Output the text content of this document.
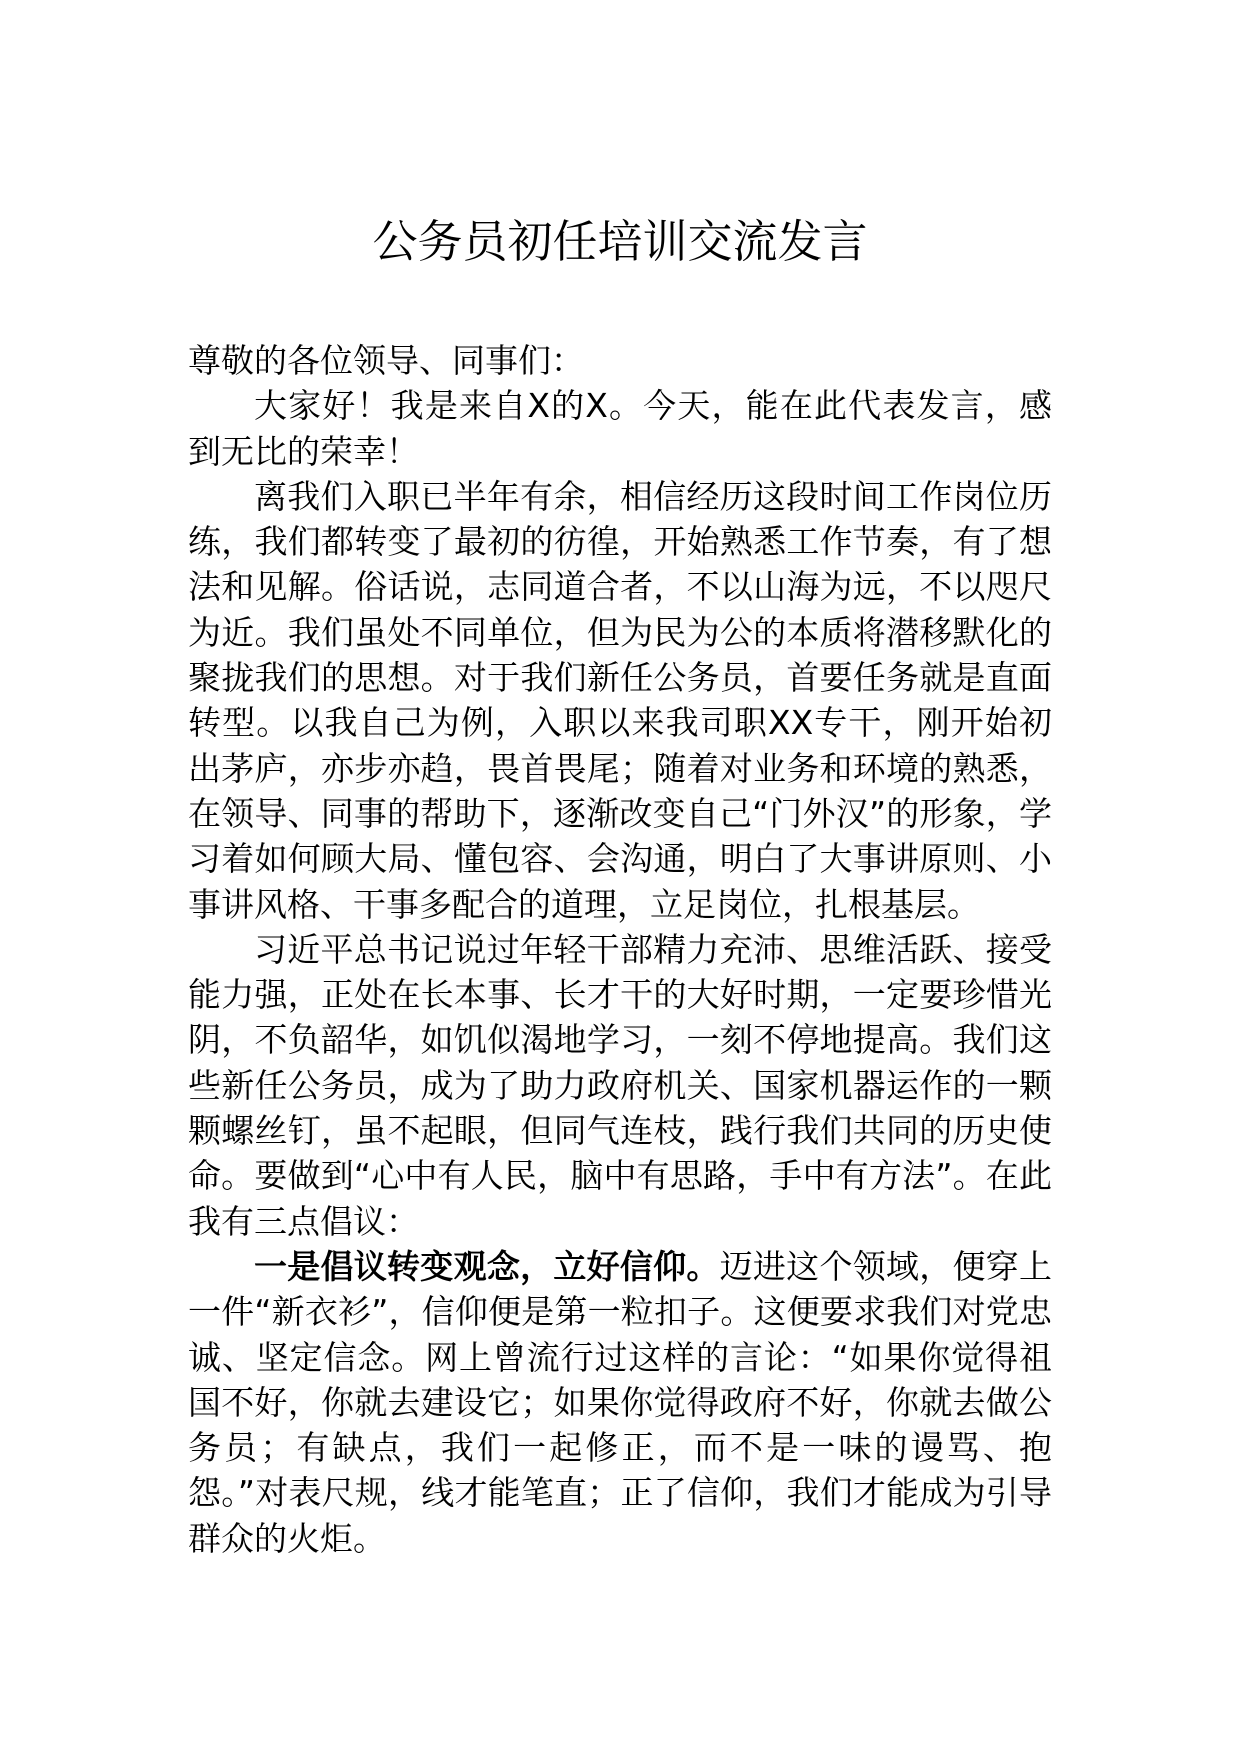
公务员初任培训交流发言

尊敬的各位领导、同事们：

大家好！我是来自X的X。今天，能在此代表发言，感到无比的荣幸！

离我们入职已半年有余，相信经历这段时间工作岗位历练，我们都转变了最初的彷徨，开始熟悉工作节奏，有了想法和见解。俗话说，志同道合者，不以山海为远，不以咫尺为近。我们虽处不同单位，但为民为公的本质将潜移默化的聚拢我们的思想。对于我们新任公务员，首要任务就是直面转型。以我自己为例，入职以来我司职XX专干，刚开始初出茅庐，亦步亦趋，畏首畏尾；随着对业务和环境的熟悉，在领导、同事的帮助下，逐渐改变自己“门外汉”的形象，学习着如何顾大局、懂包容、会沟通，明白了大事讲原则、小事讲风格、干事多配合的道理，立足岗位，扎根基层。

习近平总书记说过年轻干部精力充沛、思维活跃、接受能力强，正处在长本事、长才干的大好时期，一定要珍惜光阴，不负韶华，如饥似渴地学习，一刻不停地提高。我们这些新任公务员，成为了助力政府机关、国家机器运作的一颗颗螺丝钉，虽不起眼，但同气连枝，践行我们共同的历史使命。要做到“心中有人民，脑中有思路，手中有方法”。在此我有三点倡议：

一是倡议转变观念，立好信仰。迈进这个领域，便穿上一件“新衣衫”，信仰便是第一粒扣子。这便要求我们对党忠诚、坚定信念。网上曾流行过这样的言论：“如果你觉得祖国不好，你就去建设它；如果你觉得政府不好，你就去做公务员；有缺点，我们一起修正，而不是一味的谩骂、抱怨。”对表尺规，线才能笔直；正了信仰，我们才能成为引导群众的火炬。
